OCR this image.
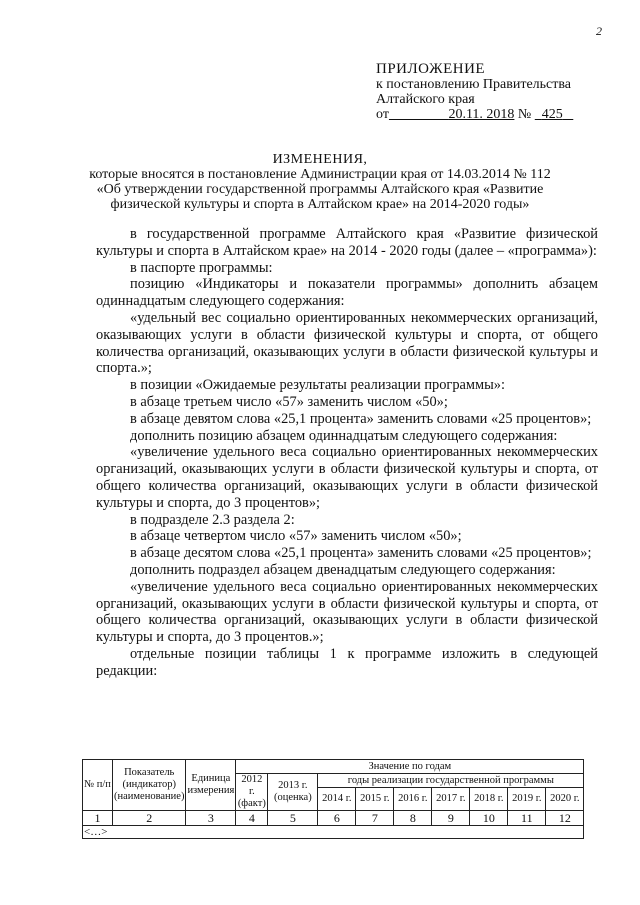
2
ПРИЛОЖЕНИЕ
к постановлению Правительства
Алтайского края
от	20.11. 2018 № 425
ИЗМЕНЕНИЯ,
которые вносятся в постановление Администрации края от 14.03.2014 № 112
«Об утверждении государственной программы Алтайского края «Развитие
физической культуры и спорта в Алтайском крае» на 2014-2020 годы»

в государственной программе Алтайского края «Развитие физической культуры и спорта в Алтайском крае» на 2014 - 2020 годы (далее – «программа»):

в паспорте программы:

позицию «Индикаторы и показатели программы» дополнить абзацем одиннадцатым следующего содержания:

«удельный вес социально ориентированных некоммерческих организаций, оказывающих услуги в области физической культуры и спорта, от общего количества организаций, оказывающих услуги в области физической культуры и спорта.»;

в позиции «Ожидаемые результаты реализации программы»:

в абзаце третьем число «57» заменить числом «50»;

в абзаце девятом слова «25,1 процента» заменить словами «25 процентов»;

дополнить позицию абзацем одиннадцатым следующего содержания:

«увеличение удельного веса социально ориентированных некоммерческих организаций, оказывающих услуги в области физической культуры и спорта, от общего количества организаций, оказывающих услуги в области физической культуры и спорта, до 3 процентов»;

в подразделе 2.3 раздела 2:

в абзаце четвертом число «57» заменить числом «50»;

в абзаце десятом слова «25,1 процента» заменить словами «25 процентов»;

дополнить подраздел абзацем двенадцатым следующего содержания:

«увеличение удельного веса социально ориентированных некоммерческих организаций, оказывающих услуги в области физической культуры и спорта, от общего количества организаций, оказывающих услуги в области физической культуры и спорта, до 3 процентов.»;

отдельные позиции таблицы 1 к программе изложить в следующей редакции:

№ п/п	Показатель (индикатор) (наименование)	Единица измерения	Значение по годам								
			2012 г. (факт)	2013 г. (оценка)	годы реализации государственной программы						
					2014 г.	2015 г.	2016 г.	2017 г.	2018 г.	2019 г.	2020 г.
1	2	3	4	5	6	7	8	9	10	11	12
<…>											
